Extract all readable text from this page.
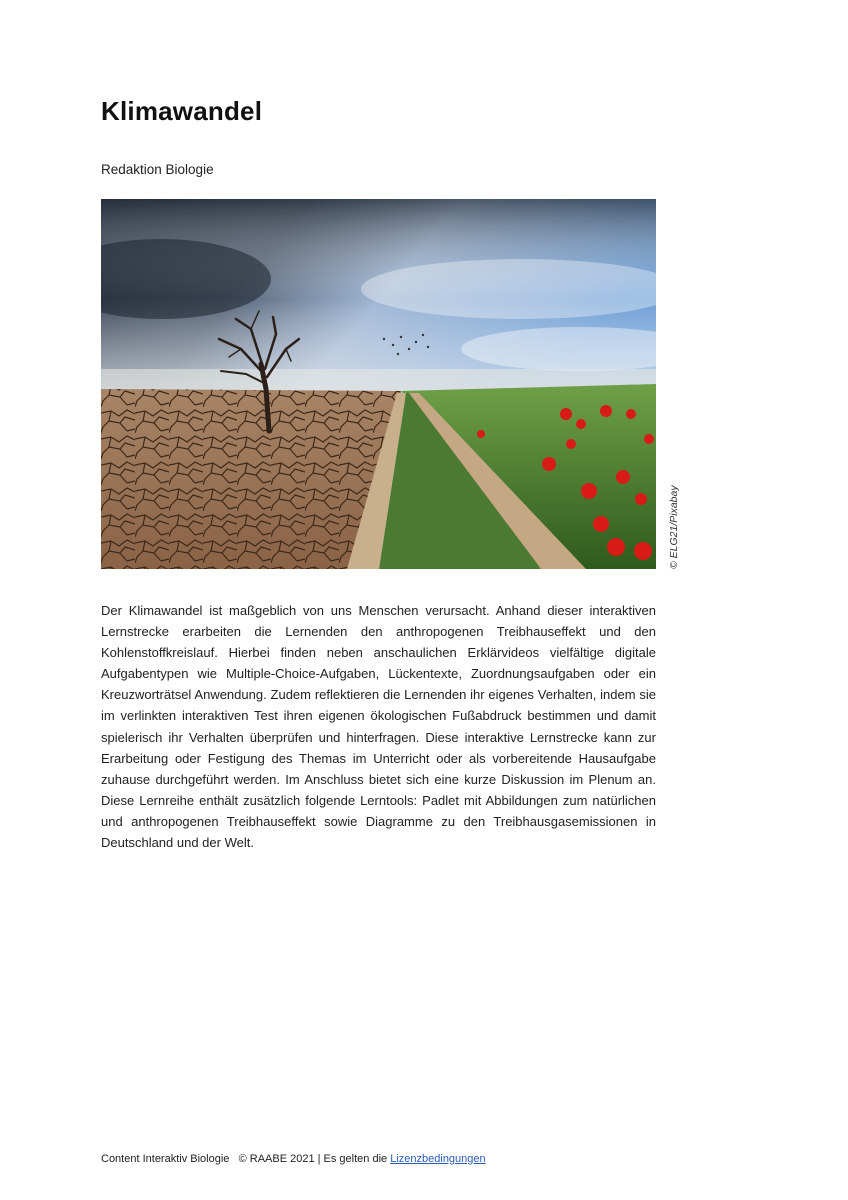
Klimawandel
Redaktion Biologie
© ELG21/Pixabay

Der Klimawandel ist maßgeblich von uns Menschen verursacht. Anhand dieser interaktiven Lernstrecke erarbeiten die Lernenden den anthropogenen Treibhauseffekt und den Kohlenstoffkreislauf. Hierbei finden neben anschaulichen Erklärvideos vielfältige digitale Aufgabentypen wie Multiple-Choice-Aufgaben, Lückentexte, Zuordnungsaufgaben oder ein Kreuzworträtsel Anwendung. Zudem reflektieren die Lernenden ihr eigenes Verhalten, indem sie im verlinkten interaktiven Test ihren eigenen ökologischen Fußabdruck bestimmen und damit spielerisch ihr Verhalten überprüfen und hinterfragen. Diese interaktive Lernstrecke kann zur Erarbeitung oder Festigung des Themas im Unterricht oder als vorbereitende Hausaufgabe zuhause durchgeführt werden. Im Anschluss bietet sich eine kurze Diskussion im Plenum an. Diese Lernreihe enthält zusätzlich folgende Lerntools: Padlet mit Abbildungen zum natürlichen und anthropogenen Treibhauseffekt sowie Diagramme zu den Treibhausgasemissionen in Deutschland und der Welt.

Content Interaktiv Biologie © RAABE 2021 | Es gelten die Lizenzbedingungen
